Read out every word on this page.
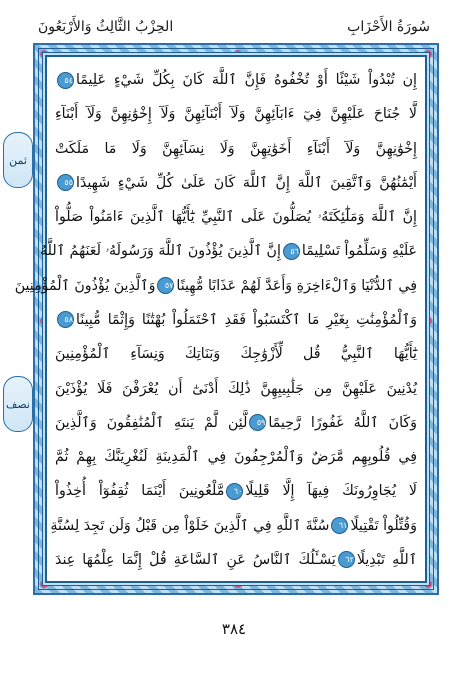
الحِزْبُ الثَّالِثُ وَالأَرْبَعُونَ	سُورَةُ الأَحْزَابِ
إِن تُبْدُواْ شَيْئًا أَوْ تُخْفُوهُ فَإِنَّ ٱللَّهَ كَانَ بِكُلِّ شَيْءٍ عَلِيمًا٥٤
لَّا جُنَاحَ عَلَيْهِنَّ فِيٓ ءَابَآئِهِنَّ وَلَآ أَبْنَآئِهِنَّ وَلَآ إِخْوَٰنِهِنَّ وَلَآ أَبْنَآءِ
إِخْوَٰنِهِنَّ وَلَآ أَبْنَآءِ أَخَوَٰتِهِنَّ وَلَا نِسَآئِهِنَّ وَلَا مَا مَلَكَتْ
أَيْمَٰنُهُنَّ وَٱتَّقِينَ ٱللَّهَ إِنَّ ٱللَّهَ كَانَ عَلَىٰ كُلِّ شَيْءٍ شَهِيدًا٥٥
إِنَّ ٱللَّهَ وَمَلَٰٓئِكَتَهُۥ يُصَلُّونَ عَلَى ٱلنَّبِيِّ يَٰٓأَيُّهَا ٱلَّذِينَ ءَامَنُواْ صَلُّواْ
عَلَيْهِ وَسَلِّمُواْ تَسْلِيمًا٥٦إِنَّ ٱلَّذِينَ يُؤْذُونَ ٱللَّهَ وَرَسُولَهُۥ لَعَنَهُمُ ٱللَّهُ
فِي ٱلدُّنْيَا وَٱلْءَاخِرَةِ وَأَعَدَّ لَهُمْ عَذَابًا مُّهِينًا٥٧وَٱلَّذِينَ يُؤْذُونَ ٱلْمُؤْمِنِينَ
وَٱلْمُؤْمِنَٰتِ بِغَيْرِ مَا ٱكْتَسَبُواْ فَقَدِ ٱحْتَمَلُواْ بُهْتَٰنًا وَإِثْمًا مُّبِينًا٥٨
يَٰٓأَيُّهَا ٱلنَّبِيُّ قُل لِّأَزْوَٰجِكَ وَبَنَاتِكَ وَنِسَآءِ ٱلْمُؤْمِنِينَ
يُدْنِينَ عَلَيْهِنَّ مِن جَلَٰبِيبِهِنَّ ذَٰلِكَ أَدْنَىٰٓ أَن يُعْرَفْنَ فَلَا يُؤْذَيْنَ
وَكَانَ ٱللَّهُ غَفُورًا رَّحِيمًا٥٩لَّئِن لَّمْ يَنتَهِ ٱلْمُنَٰفِقُونَ وَٱلَّذِينَ
فِي قُلُوبِهِم مَّرَضٌ وَٱلْمُرْجِفُونَ فِي ٱلْمَدِينَةِ لَنُغْرِيَنَّكَ بِهِمْ ثُمَّ
لَا يُجَاوِرُونَكَ فِيهَآ إِلَّا قَلِيلًا٦٠مَّلْعُونِينَ أَيْنَمَا ثُقِفُوٓاْ أُخِذُواْ
وَقُتِّلُواْ تَقْتِيلًا٦١سُنَّةَ ٱللَّهِ فِي ٱلَّذِينَ خَلَوْاْ مِن قَبْلُ وَلَن تَجِدَ لِسُنَّةِ
ٱللَّهِ تَبْدِيلًا٦٢يَسْـَٔلُكَ ٱلنَّاسُ عَنِ ٱلسَّاعَةِ قُلْ إِنَّمَا عِلْمُهَا عِندَ
ثمن
نصف
٣٨٤
